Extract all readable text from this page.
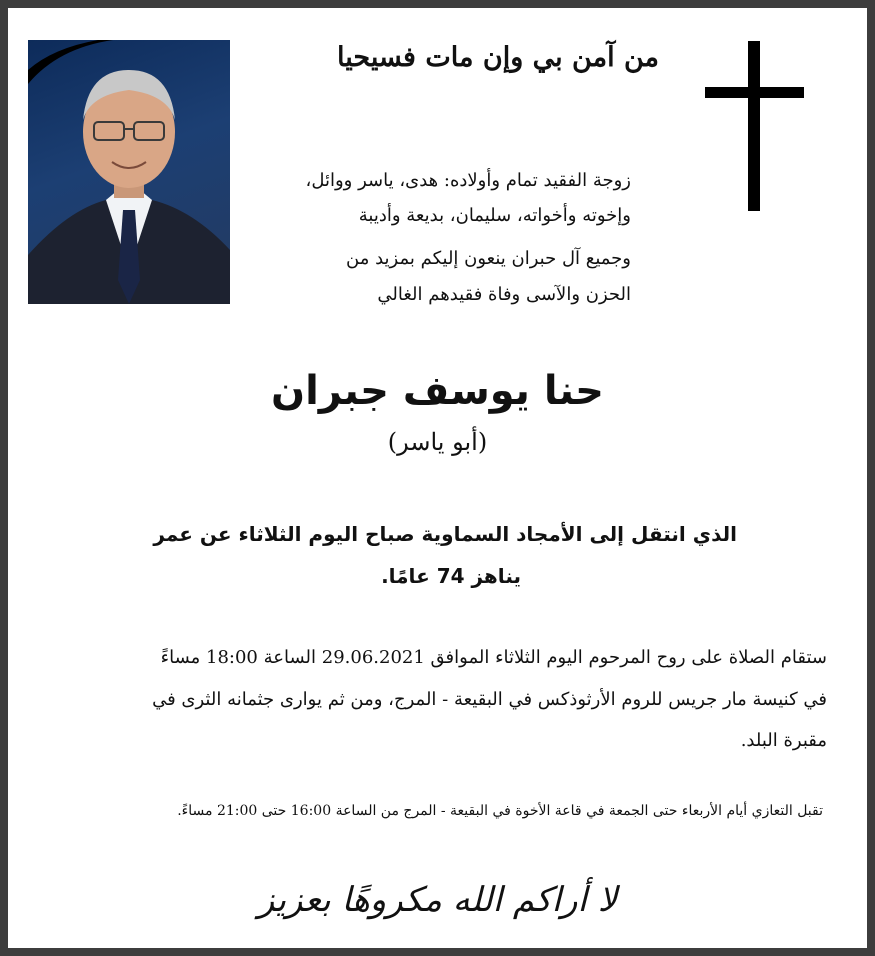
من آمن بي وإن مات فسيحيا
زوجة الفقيد تمام وأولاده: هدى، ياسر ووائل،
وإخوته وأخواته، سليمان، بديعة وأديبة
وجميع آل حبران ينعون إليكم بمزيد من
الحزن والآسى وفاة فقيدهم الغالي
حنا يوسف جبران
(أبو ياسر)
الذي انتقل إلى الأمجاد السماوية صباح اليوم الثلاثاء عن عمر
يناهز 74 عامًا.
ستقام الصلاة على روح المرحوم اليوم الثلاثاء الموافق 29.06.2021 الساعة 18:00 مساءً
في كنيسة مار جريس للروم الأرثوذكس في البقيعة - المرج، ومن ثم يوارى جثمانه الثرى في
مقبرة البلد.
تقبل التعازي أيام الأربعاء حتى الجمعة في قاعة الأخوة في البقيعة - المرج من الساعة 16:00 حتى 21:00 مساءً.
لا أراكم الله مكروهًا بعزيز
